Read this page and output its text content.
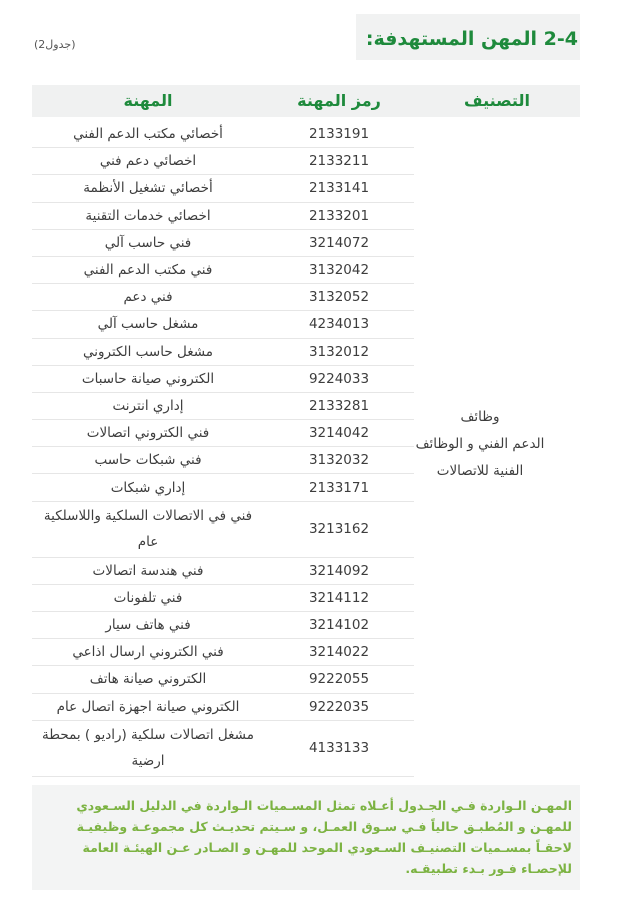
2-4 المهن المستهدفة:
(جدول2)
التصنيف
رمز المهنة
المهنة
2133191
أخصائي مكتب الدعم الفني
2133211
اخصائي دعم فني
2133141
أخصائي تشغيل الأنظمة
2133201
اخصائي خدمات التقنية
3214072
فني حاسب آلي
3132042
فني مكتب الدعم الفني
3132052
فني دعم
4234013
مشغل حاسب آلي
3132012
مشغل حاسب الكتروني
9224033
الكتروني صيانة حاسبات
2133281
إداري انترنت
3214042
فني الكتروني اتصالات
3132032
فني شبكات حاسب
2133171
إداري شبكات
3213162
فني في الاتصالات السلكية واللاسلكية عام
3214092
فني هندسة اتصالات
3214112
فني تلفونات
3214102
فني هاتف سيار
3214022
فني الكتروني ارسال اذاعي
9222055
الكتروني صيانة هاتف
9222035
الكتروني صيانة اجهزة اتصال عام
4133133
مشغل اتصالات سلكية (راديو ) بمحطة ارضية
وظائف
الدعم الفني و الوظائف
الفنية للاتصالات
المهـن الـواردة فـي الجـدول أعـلاه تمثل المسـميات الـواردة في الدليل السـعودي
للمهـن و المُطبـق حالياً فـي سـوق العمـل، و سـيتم تحديـث كل مجموعـة وظيفيـة
لاحقـاً بمسـميات التصنيـف السـعودي الموحد للمهـن و الصـادر عـن الهيئـة العامة
للإحصـاء فـور بـدء تطبيقـه.
